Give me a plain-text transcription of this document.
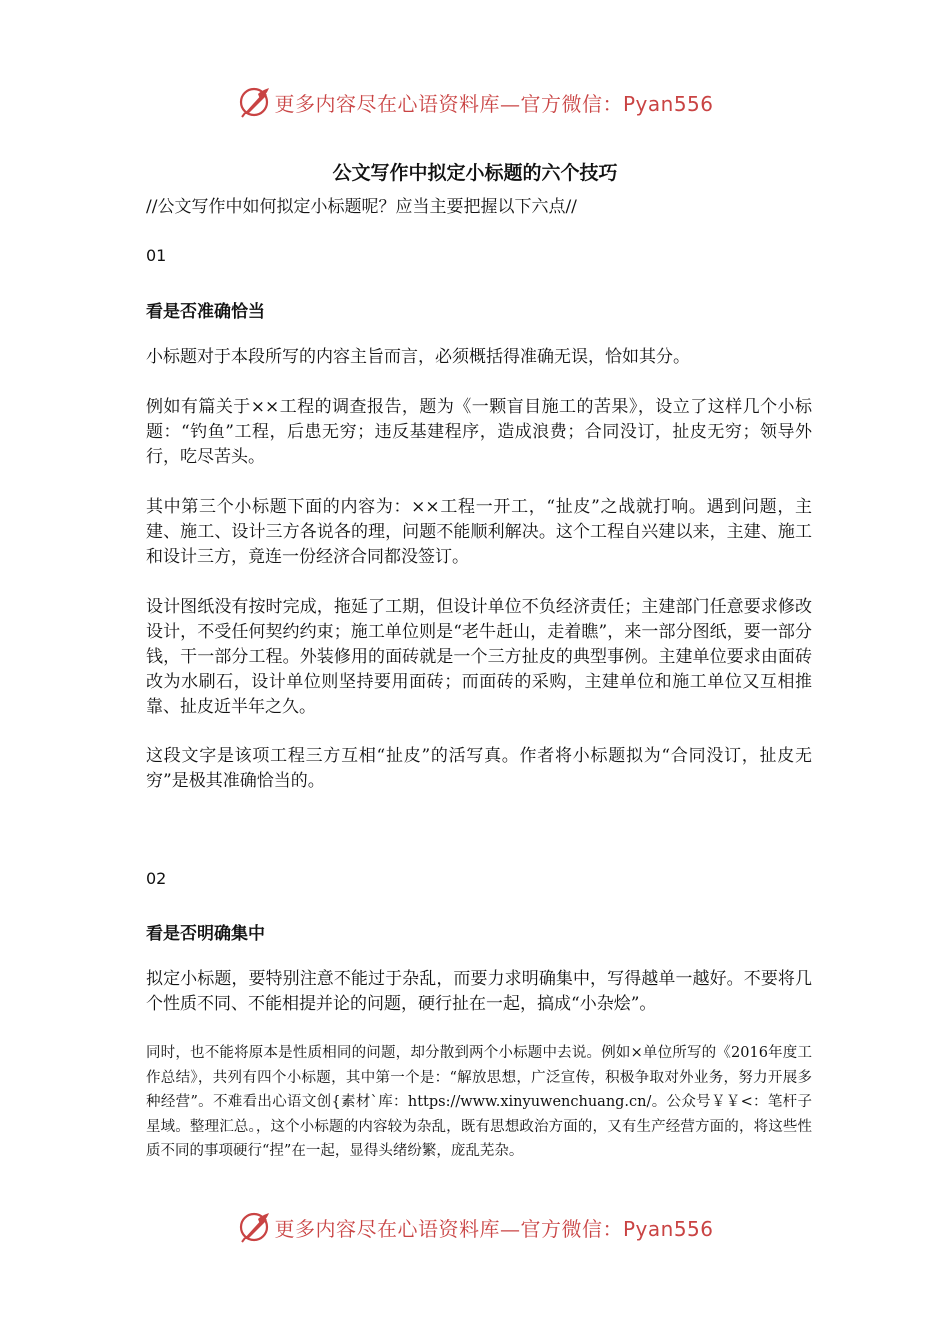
更多内容尽在心语资料库—官方微信：Pyan556
公文写作中拟定小标题的六个技巧
//公文写作中如何拟定小标题呢？应当主要把握以下六点//
01
看是否准确恰当
小标题对于本段所写的内容主旨而言，必须概括得准确无误，恰如其分。
例如有篇关于××工程的调查报告，题为《一颗盲目施工的苦果》，设立了这样几个小标题：“钓鱼”工程，后患无穷；违反基建程序，造成浪费；合同没订，扯皮无穷；领导外行，吃尽苦头。
其中第三个小标题下面的内容为：××工程一开工，“扯皮”之战就打响。遇到问题，主建、施工、设计三方各说各的理，问题不能顺利解决。这个工程自兴建以来，主建、施工和设计三方，竟连一份经济合同都没签订。
设计图纸没有按时完成，拖延了工期，但设计单位不负经济责任；主建部门任意要求修改设计，不受任何契约约束；施工单位则是“老牛赶山，走着瞧”，来一部分图纸，要一部分钱，干一部分工程。外装修用的面砖就是一个三方扯皮的典型事例。主建单位要求由面砖改为水刷石，设计单位则坚持要用面砖；而面砖的采购，主建单位和施工单位又互相推靠、扯皮近半年之久。
这段文字是该项工程三方互相“扯皮”的活写真。作者将小标题拟为“合同没订，扯皮无穷”是极其准确恰当的。
02
看是否明确集中
拟定小标题，要特别注意不能过于杂乱，而要力求明确集中，写得越单一越好。不要将几个性质不同、不能相提并论的问题，硬行扯在一起，搞成“小杂烩”。
同时，也不能将原本是性质相同的问题，却分散到两个小标题中去说。例如×单位所写的《2016年度工作总结》，共列有四个小标题，其中第一个是：“解放思想，广泛宣传，积极争取对外业务，努力开展多种经营”。不难看出心语文创{素材`库：https://www.xinyuwenchuang.cn/。公众号￥￥<：笔杆子星域。整理汇总。，这个小标题的内容较为杂乱，既有思想政治方面的，又有生产经营方面的，将这些性质不同的事项硬行“捏”在一起，显得头绪纷繁，庞乱芜杂。
更多内容尽在心语资料库—官方微信：Pyan556
